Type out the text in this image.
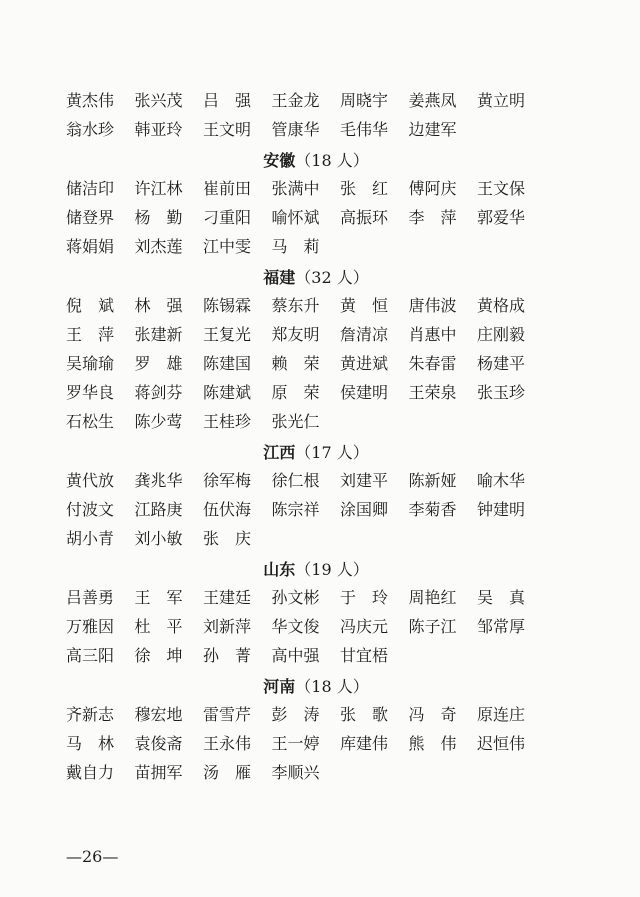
黄杰伟	张兴茂	吕　强	王金龙	周晓宇	姜燕凤	黄立明
翁水珍	韩亚玲	王文明	管康华	毛伟华	边建军
安徽 （18 人）
储洁印	许江林	崔前田	张满中	张　红	傅阿庆	王文保
储登界	杨　勤	刁重阳	喻怀斌	高振环	李　萍	郭爱华
蒋娟娟	刘杰莲	江中雯	马　莉
福建 （32 人）
倪　斌	林　强	陈锡霖	蔡东升	黄　恒	唐伟波	黄格成
王　萍	张建新	王复光	郑友明	詹清凉	肖惠中	庄刚毅
吴瑜瑜	罗　雄	陈建国	赖　荣	黄进斌	朱春雷	杨建平
罗华良	蒋剑芬	陈建斌	原　荣	侯建明	王荣泉	张玉珍
石松生	陈少莺	王桂珍	张光仁
江西 （17 人）
黄代放	龚兆华	徐军梅	徐仁根	刘建平	陈新娅	喻木华
付波文	江路庚	伍伏海	陈宗祥	涂国卿	李菊香	钟建明
胡小青	刘小敏	张　庆
山东 （19 人）
吕善勇	王　军	王建廷	孙文彬	于　玲	周艳红	吴　真
万雅因	杜　平	刘新萍	华文俊	冯庆元	陈子江	邹常厚
高三阳	徐　坤	孙　菁	高中强	甘宜梧
河南 （18 人）
齐新志	穆宏地	雷雪芹	彭　涛	张　歌	冯　奇	原连庄
马　林	袁俊斋	王永伟	王一婷	库建伟	熊　伟	迟恒伟
戴自力	苗拥军	汤　雁	李顺兴
—26—
